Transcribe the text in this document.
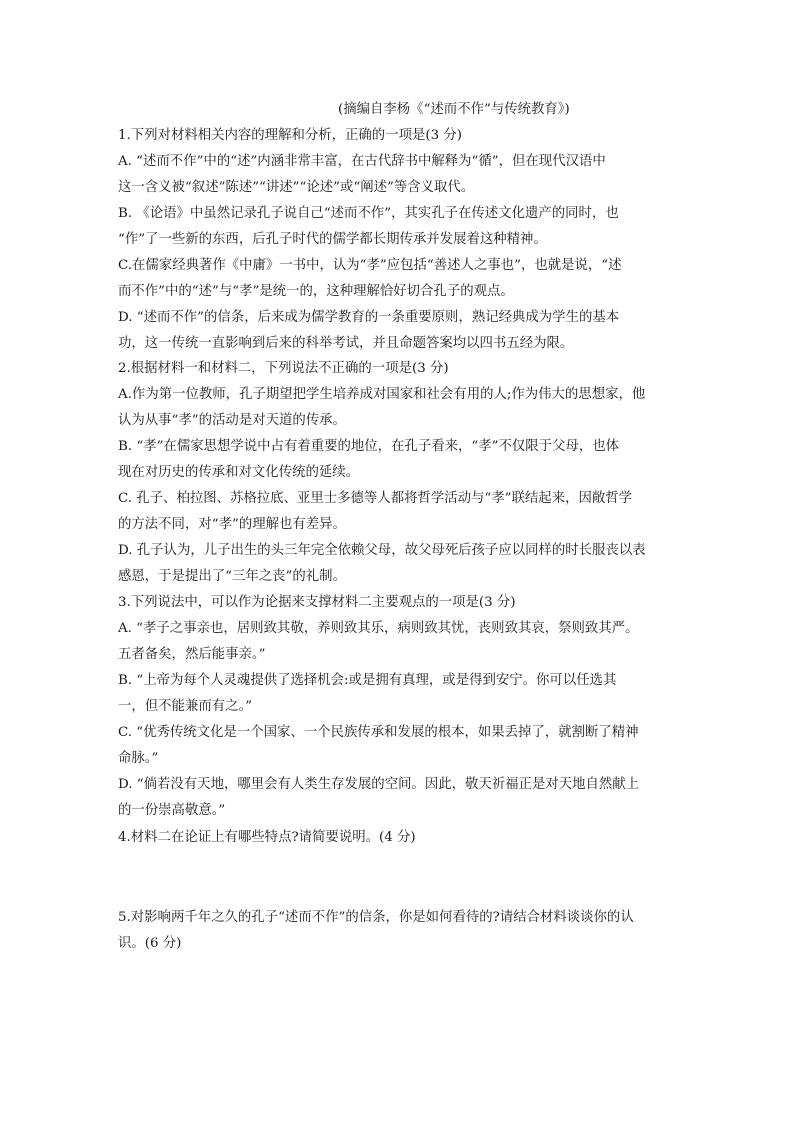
(摘编自李杨《“述而不作”与传统教育》)
1.下列对材料相关内容的理解和分析，正确的一项是(3 分)
A. “述而不作”中的“述”内涵非常丰富，在古代辞书中解释为“循”，但在现代汉语中
这一含义被“叙述”陈述”“讲述”“论述”或“阐述”等含义取代。
B. 《论语》中虽然记录孔子说自己“述而不作”，其实孔子在传述文化遗产的同时，也
“作”了一些新的东西，后孔子时代的儒学都长期传承并发展着这种精神。
C.在儒家经典著作《中庸》一书中，认为“孝”应包括“善述人之事也”，也就是说，“述
而不作”中的“述”与“孝”是统一的，这种理解恰好切合孔子的观点。
D. “述而不作”的信条，后来成为儒学教育的一条重要原则，熟记经典成为学生的基本
功，这一传统一直影响到后来的科举考试，并且命题答案均以四书五经为限。
2.根据材料一和材料二，下列说法不正确的一项是(3 分)
A.作为第一位教师，孔子期望把学生培养成对国家和社会有用的人;作为伟大的思想家，他
认为从事“孝”的活动是对天道的传承。
B. “孝”在儒家思想学说中占有着重要的地位，在孔子看来，“孝”不仅限于父母，也体
现在对历史的传承和对文化传统的延续。
C. 孔子、柏拉图、苏格拉底、亚里士多德等人都将哲学活动与“孝”联结起来，因敞哲学
的方法不同，对“孝”的理解也有差异。
D. 孔子认为，儿子出生的头三年完全依赖父母，故父母死后孩子应以同样的时长服丧以表
感恩，于是提出了“三年之丧”的礼制。
3.下列说法中，可以作为论据来支撑材料二主要观点的一项是(3 分)
A. “孝子之事亲也，居则致其敬，养则致其乐，病则致其忧，丧则致其哀，祭则致其严。
五者备矣，然后能事亲。”
B. “上帝为每个人灵魂提供了选择机会:或是拥有真理，或是得到安宁。你可以任选其
一，但不能兼而有之。”
C. “优秀传统文化是一个国家、一个民族传承和发展的根本，如果丢掉了，就割断了精神
命脉。”
D. “倘若没有天地，哪里会有人类生存发展的空间。因此，敬天祈福正是对天地自然献上
的一份崇高敬意。”
4.材料二在论证上有哪些特点?请简要说明。(4 分)
5.对影响两千年之久的孔子“述而不作”的信条，你是如何看待的?请结合材料谈谈你的认
识。(6 分)
